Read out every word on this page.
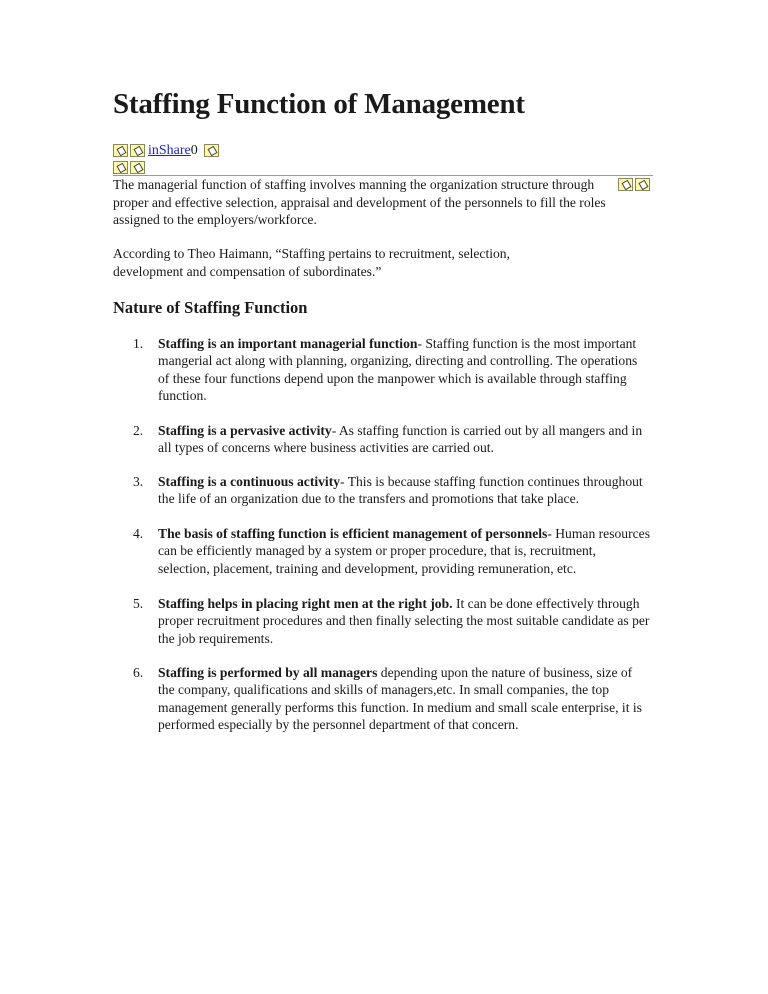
Staffing Function of Management
inShare 0

The managerial function of staffing involves manning the organization structure through proper and effective selection, appraisal and development of the personnels to fill the roles assigned to the employers/workforce.

According to Theo Haimann, “Staffing pertains to recruitment, selection, development and compensation of subordinates.”

Nature of Staffing Function
1.	Staffing is an important managerial function- Staffing function is the most important mangerial act along with planning, organizing, directing and controlling. The operations of these four functions depend upon the manpower which is available through staffing function.
2.	Staffing is a pervasive activity- As staffing function is carried out by all mangers and in all types of concerns where business activities are carried out.
3.	Staffing is a continuous activity- This is because staffing function continues throughout the life of an organization due to the transfers and promotions that take place.
4.	The basis of staffing function is efficient management of personnels- Human resources can be efficiently managed by a system or proper procedure, that is, recruitment, selection, placement, training and development, providing remuneration, etc.
5.	Staffing helps in placing right men at the right job. It can be done effectively through proper recruitment procedures and then finally selecting the most suitable candidate as per the job requirements.
6.	Staffing is performed by all managers depending upon the nature of business, size of the company, qualifications and skills of managers,etc. In small companies, the top management generally performs this function. In medium and small scale enterprise, it is performed especially by the personnel department of that concern.
